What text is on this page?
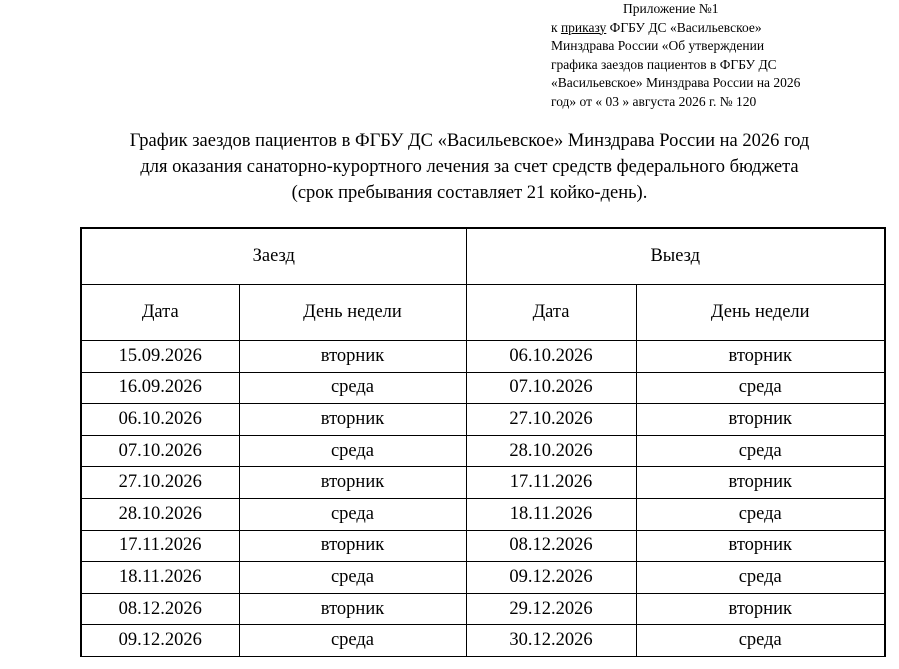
Приложение №1
к приказу ФГБУ ДС «Васильевское»
Минздрава России «Об утверждении
графика заездов пациентов в ФГБУ ДС
«Васильевское» Минздрава России на 2026
год» от « 03 » августа 2026 г. № 120
График заездов пациентов в ФГБУ ДС «Васильевское» Минздрава России на 2026 год
для оказания санаторно-курортного лечения за счет средств федерального бюджета
(срок пребывания составляет 21 койко-день).
Заезд		Выезд	
Дата	День недели	Дата	День недели
15.09.2026	вторник	06.10.2026	вторник
16.09.2026	среда	07.10.2026	среда
06.10.2026	вторник	27.10.2026	вторник
07.10.2026	среда	28.10.2026	среда
27.10.2026	вторник	17.11.2026	вторник
28.10.2026	среда	18.11.2026	среда
17.11.2026	вторник	08.12.2026	вторник
18.11.2026	среда	09.12.2026	среда
08.12.2026	вторник	29.12.2026	вторник
09.12.2026	среда	30.12.2026	среда
